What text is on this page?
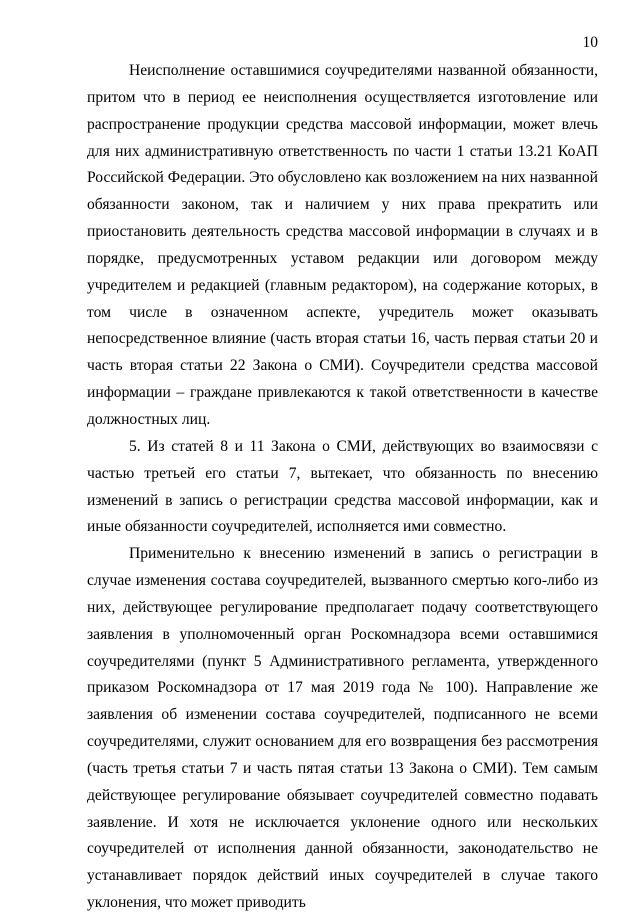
10

Неисполнение оставшимися соучредителями названной обязанности, притом что в период ее неисполнения осуществляется изготовление или распространение продукции средства массовой информации, может влечь для них административную ответственность по части 1 статьи 13.21 КоАП Российской Федерации. Это обусловлено как возложением на них названной обязанности законом, так и наличием у них права прекратить или приостановить деятельность средства массовой информации в случаях и в порядке, предусмотренных уставом редакции или договором между учредителем и редакцией (главным редактором), на содержание которых, в том числе в означенном аспекте, учредитель может оказывать непосредственное влияние (часть вторая статьи 16, часть первая статьи 20 и часть вторая статьи 22 Закона о СМИ). Соучредители средства массовой информации – граждане привлекаются к такой ответственности в качестве должностных лиц.

5. Из статей 8 и 11 Закона о СМИ, действующих во взаимосвязи с частью третьей его статьи 7, вытекает, что обязанность по внесению изменений в запись о регистрации средства массовой информации, как и иные обязанности соучредителей, исполняется ими совместно.

Применительно к внесению изменений в запись о регистрации в случае изменения состава соучредителей, вызванного смертью кого-либо из них, действующее регулирование предполагает подачу соответствующего заявления в уполномоченный орган Роскомнадзора всеми оставшимися соучредителями (пункт 5 Административного регламента, утвержденного приказом Роскомнадзора от 17 мая 2019 года № 100). Направление же заявления об изменении состава соучредителей, подписанного не всеми соучредителями, служит основанием для его возвращения без рассмотрения (часть третья статьи 7 и часть пятая статьи 13 Закона о СМИ). Тем самым действующее регулирование обязывает соучредителей совместно подавать заявление. И хотя не исключается уклонение одного или нескольких соучредителей от исполнения данной обязанности, законодательство не устанавливает порядок действий иных соучредителей в случае такого уклонения, что может приводить
